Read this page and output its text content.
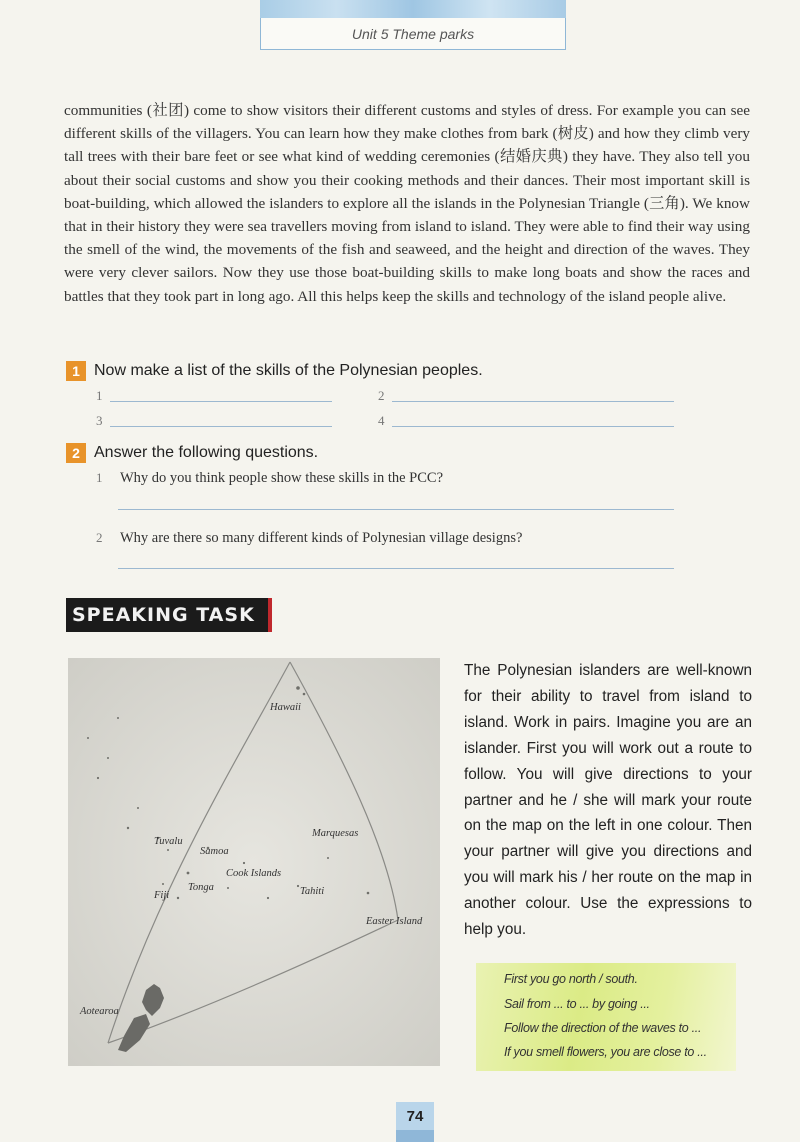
Unit 5 Theme parks

communities (社团) come to show visitors their different customs and styles of dress. For example you can see different skills of the villagers. You can learn how they make clothes from bark (树皮) and how they climb very tall trees with their bare feet or see what kind of wedding ceremonies (结婚庆典) they have. They also tell you about their social customs and show you their cooking methods and their dances. Their most important skill is boat-building, which allowed the islanders to explore all the islands in the Polynesian Triangle (三角). We know that in their history they were sea travellers moving from island to island. They were able to find their way using the smell of the wind, the movements of the fish and seaweed, and the height and direction of the waves. They were very clever sailors. Now they use those boat-building skills to make long boats and show the races and battles that they took part in long ago. All this helps keep the skills and technology of the island people alive.

1 Now make a list of the skills of the Polynesian peoples.
1	2
3	4
2 Answer the following questions.
1 Why do you think people show these skills in the PCC?
2 Why are there so many different kinds of Polynesian village designs?
SPEAKING TASK
Hawaii
Tuvalu
Samoa
Marquesas
Cook Islands
Tonga	Tahiti
Fiji
Easter Island
Aotearoa

The Polynesian islanders are well-known for their ability to travel from island to island. Work in pairs. Imagine you are an islander. First you will work out a route to follow. You will give directions to your partner and he / she will mark your route on the map on the left in one colour. Then your partner will give you directions and you will mark his / her route on the map in another colour. Use the expressions to help you.

First you go north / south.
Sail from ... to ... by going ...
Follow the direction of the waves to ...
If you smell flowers, you are close to ...
74
